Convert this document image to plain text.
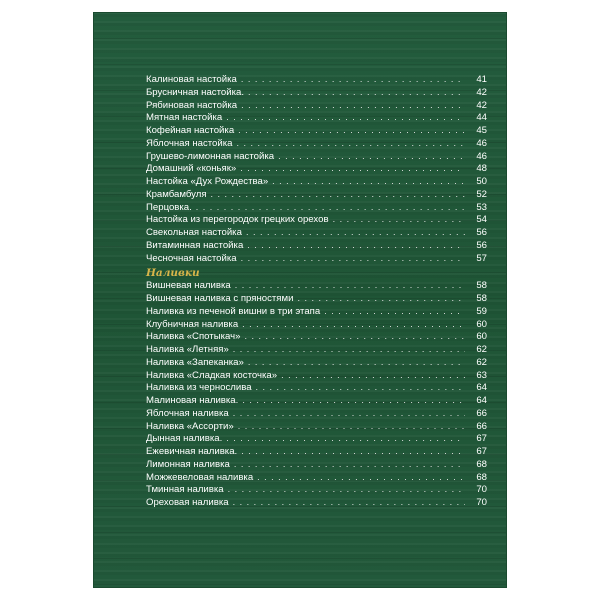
Калиновая настойка . . .	41
Брусничная настойка. . . .	42
Рябиновая настойка . . .	42
Мятная настойка . . .	44
Кофейная настойка . . .	45
Яблочная настойка . . .	46
Грушево-лимонная настойка . . .	46
Домашний «коньяк» . . .	48
Настойка «Дух Рождества» . . .	50
Крамбамбуля . . .	52
Перцовка. . . .	53
Настойка из перегородок грецких орехов . . .	54
Свекольная настойка . . .	56
Витаминная настойка . . .	56
Чесночная настойка . . .	57
Наливки
Вишневая наливка . . .	58
Вишневая наливка с пряностями . . .	58
Наливка из печеной вишни в три этапа . . .	59
Клубничная наливка . . .	60
Наливка «Спотыкач» . . .	60
Наливка «Летняя» . . .	62
Наливка «Запеканка» . . .	62
Наливка «Сладкая косточка» . . .	63
Наливка из чернослива . . .	64
Малиновая наливка. . . .	64
Яблочная наливка . . .	66
Наливка «Ассорти» . . .	66
Дынная наливка. . . .	67
Ежевичная наливка. . . .	67
Лимонная наливка . . .	68
Можжевеловая наливка . . .	68
Тминная наливка . . .	70
Ореховая наливка . . .	70
